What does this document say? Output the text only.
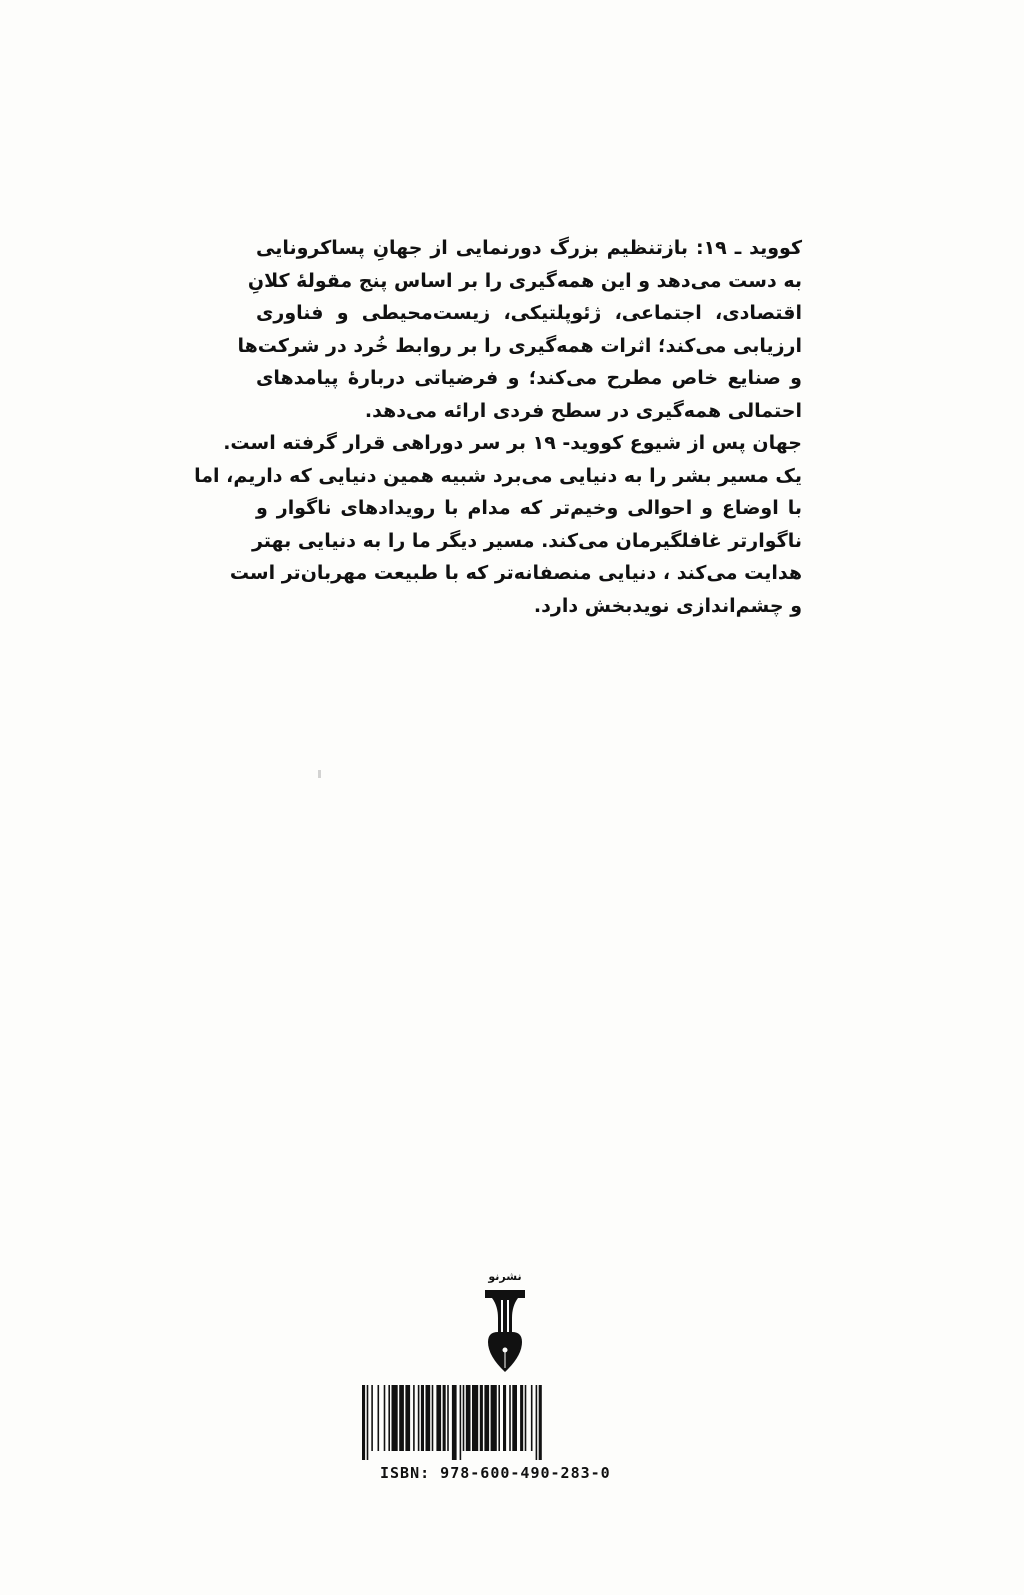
کووید ـ ۱۹: بازتنظیم بزرگ دورنمایی از جهانِ پساکرونایی
به دست می‌دهد و این همه‌گیری را بر اساس پنج مقولهٔ کلانِ
اقتصادی، اجتماعی، ژئوپلتیکی، زیست‌محیطی و فناوری
ارزیابی می‌کند؛ اثرات همه‌گیری را بر روابط خُرد در شرکت‌ها
و صنایع خاص مطرح می‌کند؛ و فرضیاتی دربارهٔ پیامدهای
احتمالی همه‌گیری در سطح فردی ارائه می‌دهد.
جهان پس از شیوع کووید- ۱۹ بر سر دوراهی قرار گرفته است.
یک مسیر بشر را به دنیایی می‌برد شبیه همین دنیایی که داریم، اما
با اوضاع و احوالی وخیم‌تر که مدام با رویدادهای ناگوار و
ناگوارتر غافلگیرمان می‌کند. مسیر دیگر ما را به دنیایی بهتر
هدایت می‌کند ، دنیایی منصفانه‌تر که با طبیعت مهربان‌تر است
و چشم‌اندازی نویدبخش دارد.
نشرنو
ISBN: 978-600-490-283-0
